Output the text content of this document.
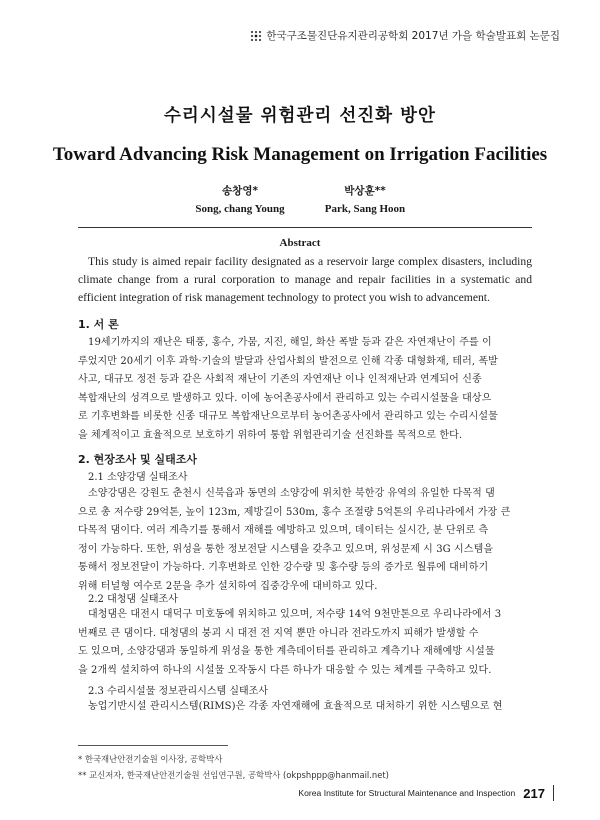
한국구조물진단유지관리공학회 2017년 가을 학술발표회 논문집
수리시설물 위험관리 선진화 방안
Toward Advancing Risk Management on Irrigation Facilities
송창영*
Song, chang Young
박상훈**
Park, Sang Hoon
Abstract
This study is aimed repair facility designated as a reservoir large complex disasters, including climate change from a rural corporation to manage and repair facilities in a systematic and efficient integration of risk management technology to protect you wish to advancement.
1. 서 론
19세기까지의 재난은 태풍, 홍수, 가뭄, 지진, 해일, 화산 폭발 등과 같은 자연재난이 주를 이
루었지만 20세기 이후 과학·기술의 발달과 산업사회의 발전으로 인해 각종 대형화재, 테러, 폭발
사고, 대규모 정전 등과 같은 사회적 재난이 기존의 자연재난 이나 인적재난과 연계되어 신종
복합재난의 성격으로 발생하고 있다. 이에 농어촌공사에서 관리하고 있는 수리시설물을 대상으
로 기후변화를 비롯한 신종 대규모 복합재난으로부터 농어촌공사에서 관리하고 있는 수리시설물
을 체계적이고 효율적으로 보호하기 위하여 통합 위험관리기술 선진화를 목적으로 한다.
2. 현장조사 및 실태조사
2.1 소양강댐 실태조사
소양강댐은 강원도 춘천시 신북읍과 동면의 소양강에 위치한 북한강 유역의 유일한 다목적 댐
으로 총 저수량 29억톤, 높이 123m, 제방길이 530m, 홍수 조절량 5억톤의 우리나라에서 가장 큰
다목적 댐이다. 여러 계측기를 통해서 재해를 예방하고 있으며, 데이터는 실시간, 분 단위로 측
정이 가능하다. 또한, 위성을 통한 정보전달 시스템을 갖추고 있으며, 위성문제 시 3G 시스템을
통해서 정보전달이 가능하다. 기후변화로 인한 강수량 및 홍수량 등의 증가로 월류에 대비하기
위해 터널형 여수로 2문을 추가 설치하여 집중강우에 대비하고 있다.
2.2 대청댐 실태조사
대청댐은 대전시 대덕구 미호동에 위치하고 있으며, 저수량 14억 9천만톤으로 우리나라에서 3
번째로 큰 댐이다. 대청댐의 붕괴 시 대전 전 지역 뿐만 아니라 전라도까지 피해가 발생할 수
도 있으며, 소양강댐과 동일하게 위성을 통한 계측데이터를 관리하고 계측기나 재해예방 시설물
을 2개씩 설치하여 하나의 시설물 오작동시 다른 하나가 대응할 수 있는 체계를 구축하고 있다.
2.3 수리시설물 정보관리시스템 실태조사
농업기반시설 관리시스템(RIMS)은 각종 자연재해에 효율적으로 대처하기 위한 시스템으로 현
* 한국재난안전기술원 이사장, 공학박사
** 교신저자, 한국재난안전기술원 선임연구원, 공학박사 (okpshppp@hanmail.net)
Korea Institute for Structural Maintenance and Inspection 217
